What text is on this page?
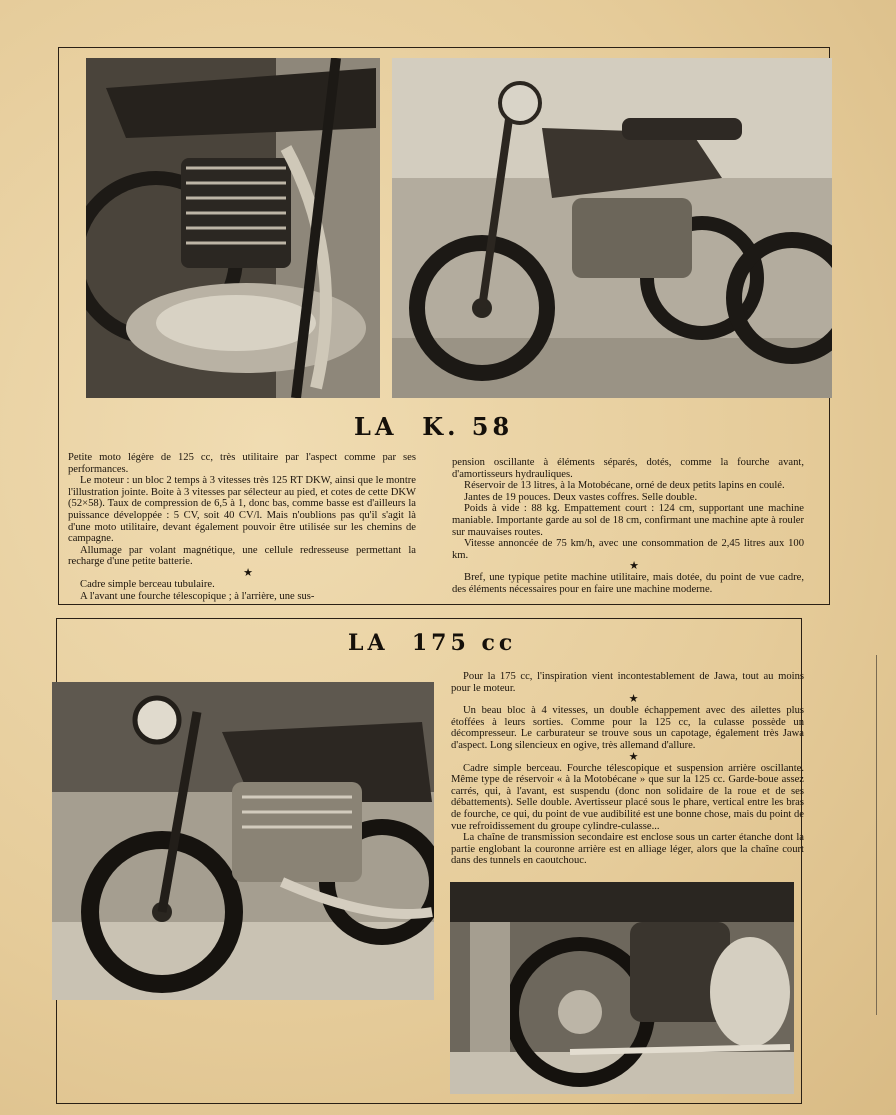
LA  K. 58

Petite moto légère de 125 cc, très utilitaire par l'aspect comme par ses performances.

Le moteur : un bloc 2 temps à 3 vitesses très 125 RT DKW, ainsi que le montre l'illustration jointe. Boite à 3 vitesses par sélecteur au pied, et cotes de cette DKW (52×58). Taux de compression de 6,5 à 1, donc bas, comme basse est d'ailleurs la puissance développée : 5 CV, soit 40 CV/l. Mais n'oublions pas qu'il s'agit là d'une moto utilitaire, devant également pouvoir être utilisée sur les chemins de campagne.

Allumage par volant magnétique, une cellule redresseuse permettant la recharge d'une petite batterie.

★

Cadre simple berceau tubulaire.

A l'avant une fourche télescopique ; à l'arrière, une sus-

pension oscillante à éléments séparés, dotés, comme la fourche avant, d'amortisseurs hydrauliques.

Réservoir de 13 litres, à la Motobécane, orné de deux petits lapins en coulé.

Jantes de 19 pouces. Deux vastes coffres. Selle double.

Poids à vide : 88 kg. Empattement court : 124 cm, supportant une machine maniable. Importante garde au sol de 18 cm, confirmant une machine apte à rouler sur mauvaises routes.

Vitesse annoncée de 75 km/h, avec une consommation de 2,45 litres aux 100 km.

★

Bref, une typique petite machine utilitaire, mais dotée, du point de vue cadre, des éléments nécessaires pour en faire une machine moderne.

LA  175 cc

Pour la 175 cc, l'inspiration vient incontestablement de Jawa, tout au moins pour le moteur.

★

Un beau bloc à 4 vitesses, un double échappement avec des ailettes plus étoffées à leurs sorties. Comme pour la 125 cc, la culasse possède un décompresseur. Le carburateur se trouve sous un capotage, également très Jawa d'aspect. Long silencieux en ogive, très allemand d'allure.

★

Cadre simple berceau. Fourche télescopique et suspension arrière oscillante. Même type de réservoir « à la Motobécane » que sur la 125 cc. Garde-boue assez carrés, qui, à l'avant, est suspendu (donc non solidaire de la roue et de ses débattements). Selle double. Avertisseur placé sous le phare, vertical entre les bras de fourche, ce qui, du point de vue audibilité est une bonne chose, mais du point de vue refroidissement du groupe cylindre-culasse...

La chaîne de transmission secondaire est enclose sous un carter étanche dont la partie englobant la couronne arrière est en alliage léger, alors que la chaîne court dans des tunnels en caoutchouc.
